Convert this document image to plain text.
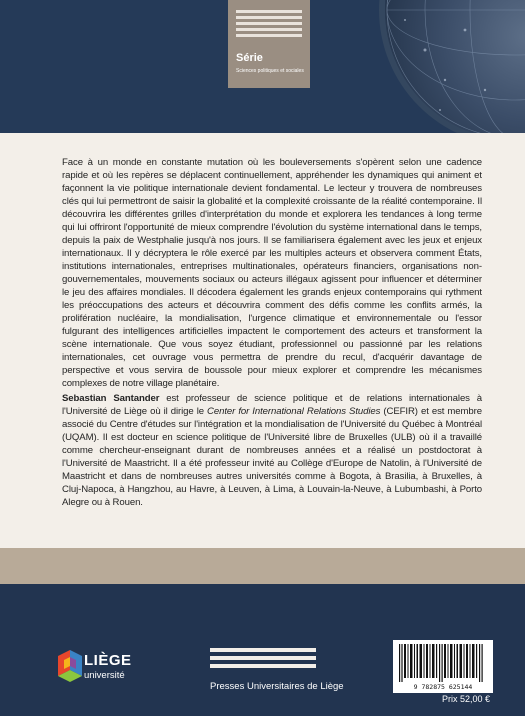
Série
Sciences politiques et sociales
Face à un monde en constante mutation où les bouleversements s'opèrent selon une cadence rapide et où les repères se déplacent continuellement, appréhender les dynamiques qui animent et façonnent la vie politique internationale devient fondamental. Le lecteur y trouvera de nombreuses clés qui lui permettront de saisir la globalité et la complexité croissante de la réalité contemporaine. Il découvrira les différentes grilles d'interprétation du monde et explorera les tendances à long terme qui lui offriront l'opportunité de mieux comprendre l'évolution du système international dans le temps, depuis la paix de Westphalie jusqu'à nos jours. Il se familiarisera également avec les jeux et enjeux internationaux. Il y décryptera le rôle exercé par les multiples acteurs et observera comment États, institutions internationales, entreprises multinationales, opérateurs financiers, organisations non-gouvernementales, mouvements sociaux ou acteurs illégaux agissent pour influencer et déterminer le jeu des affaires mondiales. Il décodera également les grands enjeux contemporains qui rythment les préoccupations des acteurs et découvrira comment des défis comme les conflits armés, la prolifération nucléaire, la mondialisation, l'urgence climatique et environnementale ou l'essor fulgurant des intelligences artificielles impactent le comportement des acteurs et transforment la scène internationale. Que vous soyez étudiant, professionnel ou passionné par les relations internationales, cet ouvrage vous permettra de prendre du recul, d'acquérir davantage de perspective et vous servira de boussole pour mieux explorer et comprendre les mécanismes complexes de notre village planétaire.
Sebastian Santander est professeur de science politique et de relations internationales à l'Université de Liège où il dirige le Center for International Relations Studies (CEFIR) et est membre associé du Centre d'études sur l'intégration et la mondialisation de l'Université du Québec à Montréal (UQAM). Il est docteur en science politique de l'Université libre de Bruxelles (ULB) où il a travaillé comme chercheur-enseignant durant de nombreuses années et a réalisé un postdoctorat à l'Université de Maastricht. Il a été professeur invité au Collège d'Europe de Natolin, à l'Université de Maastricht et dans de nombreuses autres universités comme à Bogota, à Brasilia, à Bruxelles, à Cluj-Napoca, à Hangzhou, au Havre, à Leuven, à Lima, à Louvain-la-Neuve, à Lubumbashi, à Porto Alegre ou à Rouen.
LIÈGE
université
Presses Universitaires de Liège	9 782875 625144
Prix 52,00 €
